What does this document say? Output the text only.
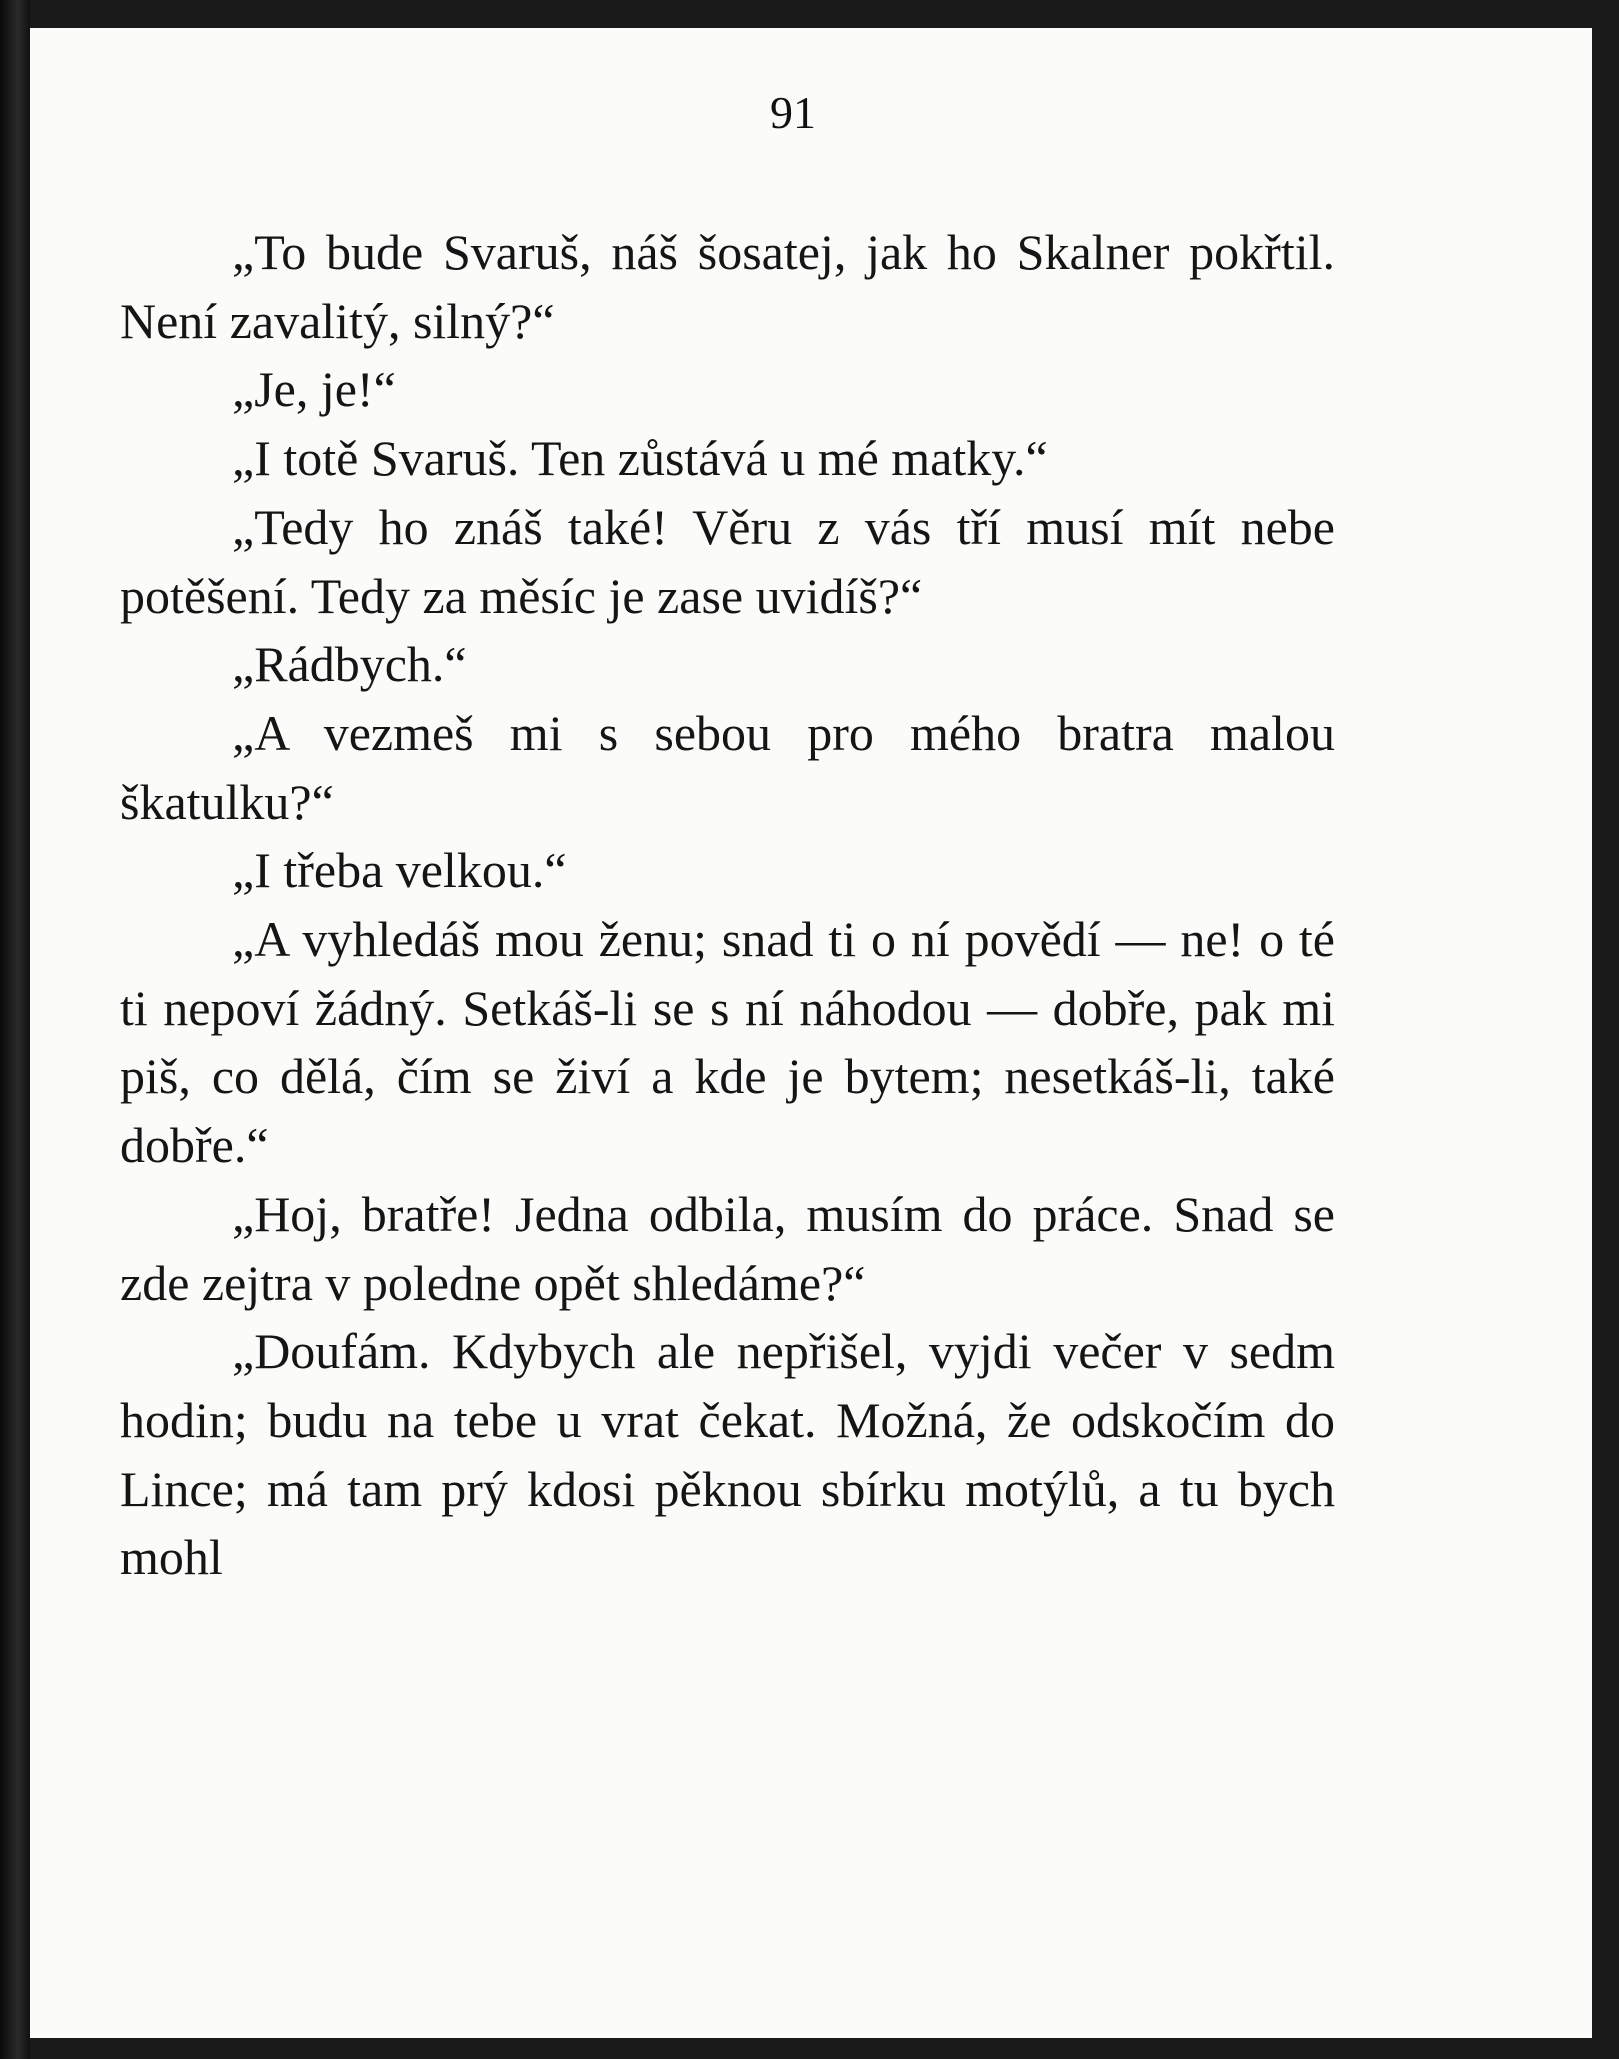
91

„To bude Svaruš, náš šosatej, jak ho Skalner pokřtil. Není zavalitý, silný?“

„Je, je!“

„I totě Svaruš. Ten zůstává u mé matky.“

„Tedy ho znáš také! Věru z vás tří musí mít nebe potěšení. Tedy za měsíc je zase uvidíš?“

„Rádbych.“

„A vezmeš mi s sebou pro mého bratra malou škatulku?“

„I třeba velkou.“

„A vyhledáš mou ženu; snad ti o ní povědí — ne! o té ti nepoví žádný. Setkáš-li se s ní náhodou — dobře, pak mi piš, co dělá, čím se živí a kde je bytem; nesetkáš-li, také dobře.“

„Hoj, bratře! Jedna odbila, musím do práce. Snad se zde zejtra v poledne opět shledáme?“

„Doufám. Kdybych ale nepřišel, vyjdi večer v sedm hodin; budu na tebe u vrat čekat. Možná, že odskočím do Lince; má tam prý kdosi pěknou sbírku motýlů, a tu bych mohl
